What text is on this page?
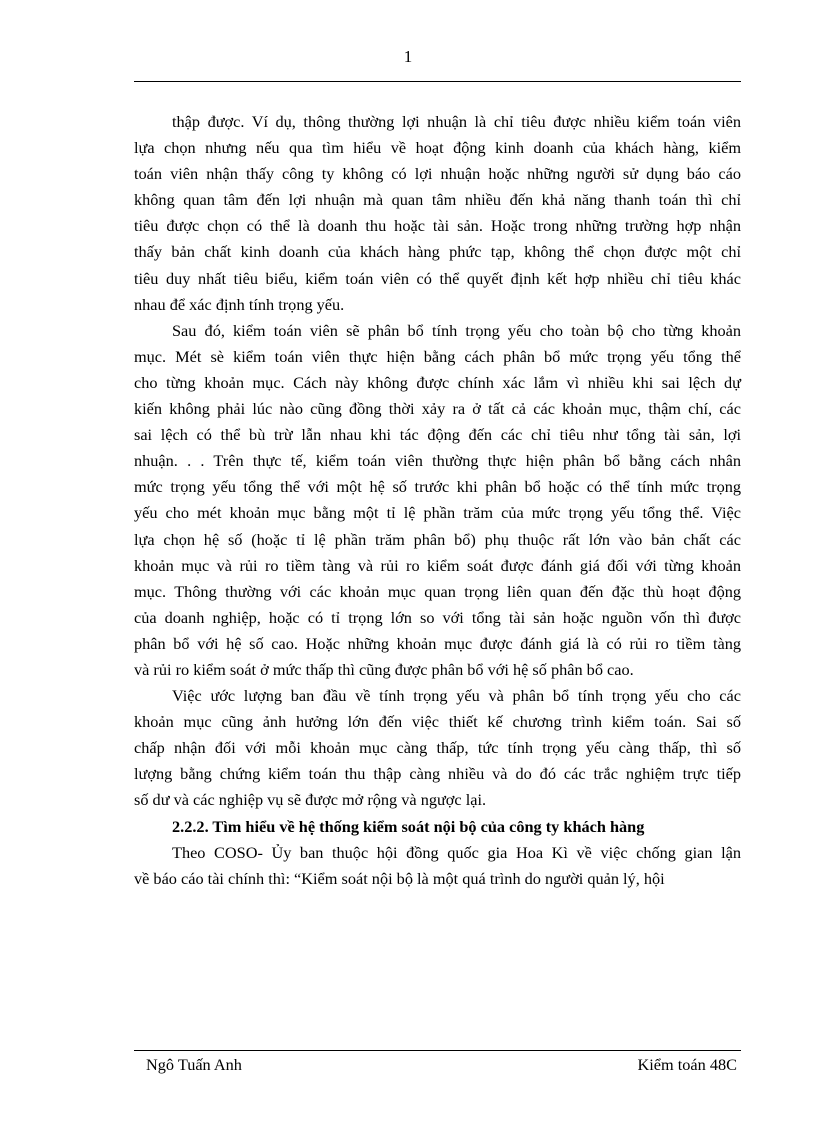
1
thập được. Ví dụ, thông thường lợi nhuận là chỉ tiêu được nhiều kiểm toán viên
lựa chọn nhưng nếu qua tìm hiểu về hoạt động kinh doanh của khách hàng, kiểm
toán viên nhận thấy công ty không có lợi nhuận hoặc những người sử dụng báo cáo
không quan tâm đến lợi nhuận mà quan tâm nhiều đến khả năng thanh toán thì chỉ
tiêu được chọn có thể là doanh thu hoặc tài sản. Hoặc trong những trường hợp nhận
thấy bản chất kinh doanh của khách hàng phức tạp, không thể chọn được một chỉ
tiêu duy nhất tiêu biểu, kiểm toán viên có thể quyết định kết hợp nhiều chỉ tiêu khác
nhau để xác định tính trọng yếu.
Sau đó, kiểm toán viên sẽ phân bổ tính trọng yếu cho toàn bộ cho từng khoản
mục. Mét sè kiểm toán viên thực hiện bằng cách phân bổ mức trọng yếu tổng thể
cho từng khoản mục. Cách này không được chính xác lắm vì nhiều khi sai lệch dự
kiến không phải lúc nào cũng đồng thời xảy ra ở tất cả các khoản mục, thậm chí, các
sai lệch có thể bù trừ lẫn nhau khi tác động đến các chỉ tiêu như tổng tài sản, lợi
nhuận. . . Trên thực tế, kiểm toán viên thường thực hiện phân bổ bằng cách nhân
mức trọng yếu tổng thể với một hệ số trước khi phân bổ hoặc có thể tính mức trọng
yếu cho mét khoản mục bằng một tỉ lệ phần trăm của mức trọng yếu tổng thể. Việc
lựa chọn hệ số (hoặc tỉ lệ phần trăm phân bổ) phụ thuộc rất lớn vào bản chất các
khoản mục và rủi ro tiềm tàng và rủi ro kiểm soát được đánh giá đối với từng khoản
mục. Thông thường với các khoản mục quan trọng liên quan đến đặc thù hoạt động
của doanh nghiệp, hoặc có tỉ trọng lớn so với tổng tài sản hoặc nguồn vốn thì được
phân bổ với hệ số cao. Hoặc những khoản mục được đánh giá là có rủi ro tiềm tàng
và rủi ro kiểm soát ở mức thấp thì cũng được phân bổ với hệ số phân bổ cao.
Việc ước lượng ban đầu về tính trọng yếu và phân bổ tính trọng yếu cho các
khoản mục cũng ảnh hưởng lớn đến việc thiết kế chương trình kiểm toán. Sai số
chấp nhận đối với mỗi khoản mục càng thấp, tức tính trọng yếu càng thấp, thì số
lượng bằng chứng kiểm toán thu thập càng nhiều và do đó các trắc nghiệm trực tiếp
số dư và các nghiệp vụ sẽ được mở rộng và ngược lại.
2.2.2. Tìm hiểu về hệ thống kiểm soát nội bộ của công ty khách hàng
Theo COSO- Ủy ban thuộc hội đồng quốc gia Hoa Kì về việc chống gian lận
về báo cáo tài chính thì: “Kiểm soát nội bộ là một quá trình do người quản lý, hội
Ngô Tuấn Anh	Kiểm toán 48C
